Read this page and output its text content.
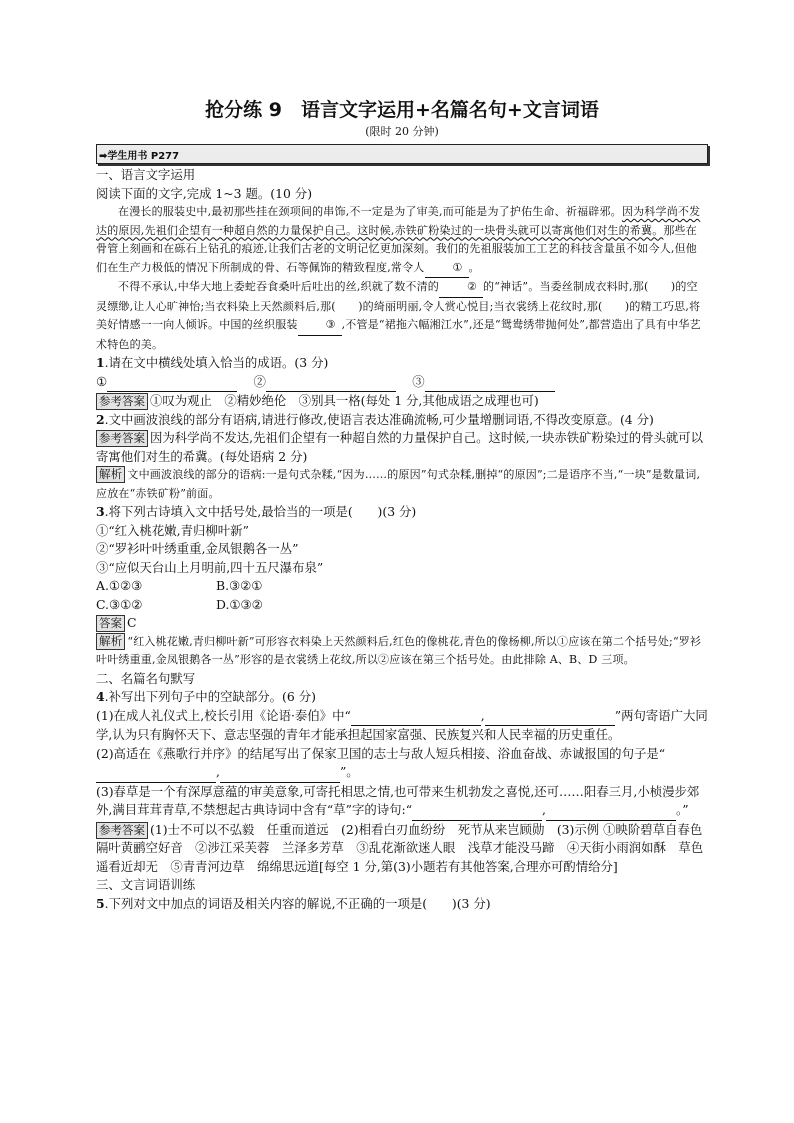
抢分练 9　语言文字运用+名篇名句+文言词语

(限时 20 分钟)

➡学生用书 P277

一、语言文字运用

阅读下面的文字,完成 1~3 题。(10 分)

在漫长的服装史中,最初那些挂在颈项间的串饰,不一定是为了审美,而可能是为了护佑生命、祈福辟邪。因为科学尚不发达的原因,先祖们企望有一种超自然的力量保护自己。这时候,赤铁矿粉染过的一块骨头就可以寄寓他们对生的希冀。那些在骨管上刻画和在砾石上钻孔的痕迹,让我们古老的文明记忆更加深刻。我们的先祖服装加工工艺的科技含量虽不如今人,但他们在生产力极低的情况下所制成的骨、石等佩饰的精致程度,常令人	① 。

不得不承认,中华大地上委蛇吞食桑叶后吐出的丝,织就了数不清的	② 的“神话”。当委丝制成衣料时,那(　　)的空灵缥缈,让人心旷神怡;当衣料染上天然颜料后,那(　　)的绮丽明丽,令人赏心悦目;当衣裳绣上花纹时,那(　　)的精工巧思,将美好情感一一向人倾诉。中国的丝织服装	③ ,不管是“裙拖六幅湘江水”,还是“鸳鸯绣带抛何处”,都营造出了具有中华艺术特色的美。

1.请在文中横线处填入恰当的成语。(3 分)

① 　	② 　	③

参考答案 ①叹为观止　②精妙绝伦　③别具一格(每处 1 分,其他成语之成理也可)

2.文中画波浪线的部分有语病,请进行修改,使语言表达准确流畅,可少量增删词语,不得改变原意。(4 分)

参考答案 因为科学尚不发达,先祖们企望有一种超自然的力量保护自己。这时候,一块赤铁矿粉染过的骨头就可以寄寓他们对生的希冀。(每处语病 2 分)

解析 文中画波浪线的部分的语病:一是句式杂糅,“因为……的原因”句式杂糅,删掉“的原因”;二是语序不当,“一块”是数量词,应放在“赤铁矿粉”前面。

3.将下列古诗填入文中括号处,最恰当的一项是(　　)(3 分)

①“红入桃花嫩,青归柳叶新”

②“罗衫叶叶绣重重,金凤银鹅各一丛”

③“应似天台山上月明前,四十五尺瀑布泉”

A.①②③	B.③②①
C.③①②	D.①③②

答案 C

解析 “红入桃花嫩,青归柳叶新”可形容衣料染上天然颜料后,红色的像桃花,青色的像杨柳,所以①应该在第二个括号处;“罗衫叶叶绣重重,金凤银鹅各一丛”形容的是衣裳绣上花纹,所以②应该在第三个括号处。由此排除 A、B、D 三项。

二、名篇名句默写

4.补写出下列句子中的空缺部分。(6 分)

(1)在成人礼仪式上,校长引用《论语·泰伯》中“	,	”两句寄语广大同学,认为只有胸怀天下、意志坚强的青年才能承担起国家富强、民族复兴和人民幸福的历史重任。

(2)高适在《燕歌行并序》的结尾写出了保家卫国的志士与敌人短兵相接、浴血奋战、赤诚报国的句子是“ ,	”。

(3)春草是一个有深厚意蕴的审美意象,可寄托相思之情,也可带来生机勃发之喜悦,还可……阳春三月,小桢漫步郊外,满目茸茸青草,不禁想起古典诗词中含有“草”字的诗句:“	,	。”

参考答案 (1)士不可以不弘毅　任重而道远　(2)相看白刃血纷纷　死节从来岂顾勋　(3)示例 ①映阶碧草自春色　隔叶黄鹂空好音　②涉江采芙蓉　兰泽多芳草　③乱花渐欲迷人眼　浅草才能没马蹄　④天街小雨润如酥　草色遥看近却无　⑤青青河边草　绵绵思远道[每空 1 分,第(3)小题若有其他答案,合理亦可酌情给分]

三、文言词语训练

5.下列对文中加点的词语及相关内容的解说,不正确的一项是(　　)(3 分)
